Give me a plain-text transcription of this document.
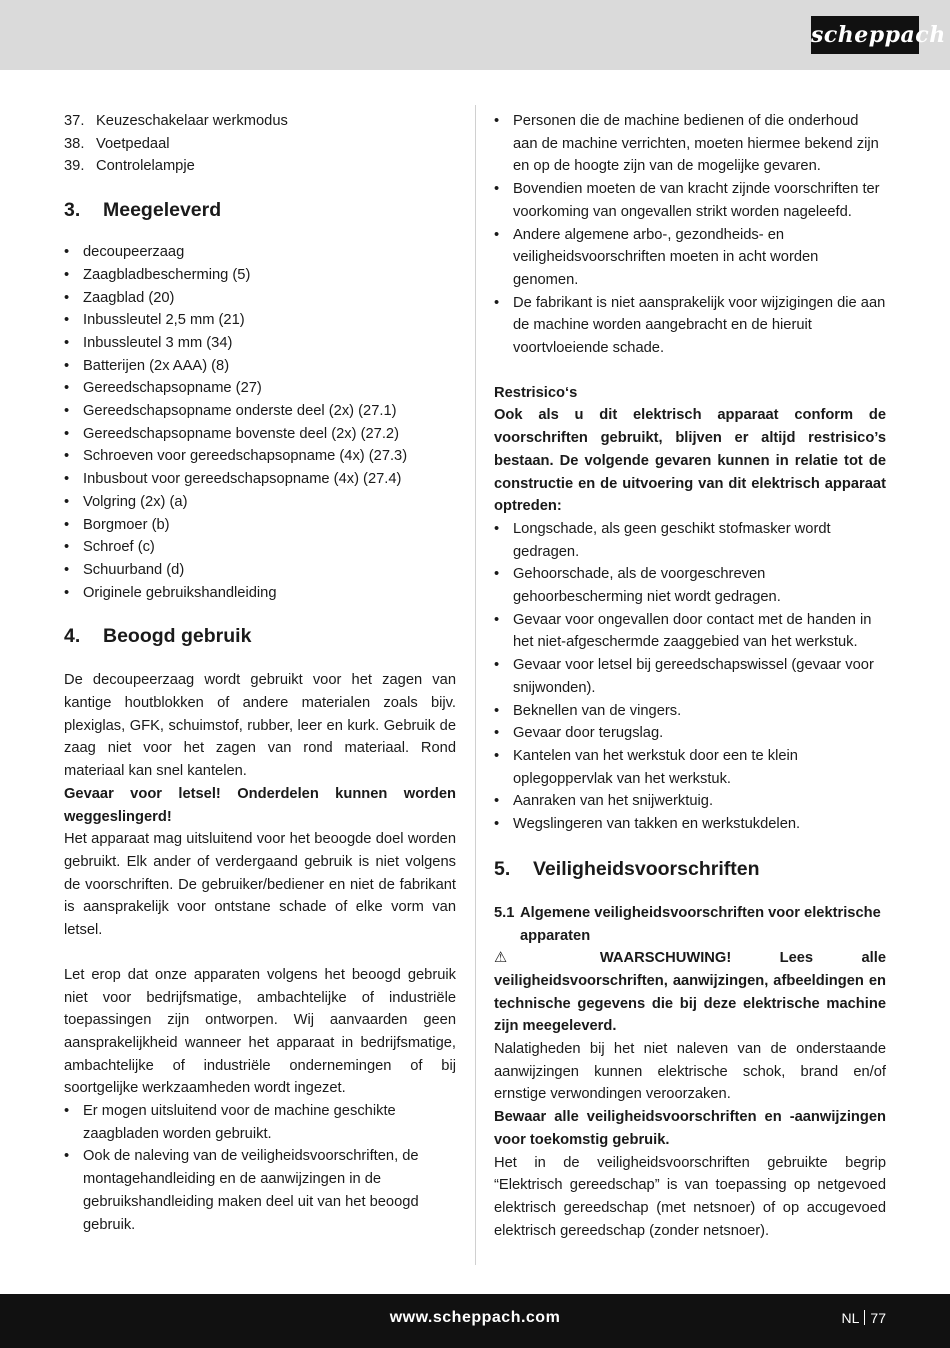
scheppach
37. Keuzeschakelaar werkmodus
38. Voetpedaal
39. Controlelampje
3.	Meegeleverd
• decoupeerzaag
• Zaagbladbescherming (5)
• Zaagblad (20)
• Inbussleutel 2,5 mm (21)
• Inbussleutel 3 mm (34)
• Batterijen (2x AAA) (8)
• Gereedschapsopname (27)
• Gereedschapsopname onderste deel (2x) (27.1)
• Gereedschapsopname bovenste deel (2x) (27.2)
• Schroeven voor gereedschapsopname (4x) (27.3)
• Inbusbout voor gereedschapsopname (4x) (27.4)
• Volgring (2x) (a)
• Borgmoer (b)
• Schroef (c)
• Schuurband (d)
• Originele gebruikshandleiding
4.	Beoogd gebruik

De decoupeerzaag wordt gebruikt voor het zagen van kantige houtblokken of andere materialen zoals bijv. plexiglas, GFK, schuimstof, rubber, leer en kurk. Gebruik de zaag niet voor het zagen van rond materiaal. Rond materiaal kan snel kantelen.

Gevaar voor letsel! Onderdelen kunnen worden weggeslingerd!

Het apparaat mag uitsluitend voor het beoogde doel worden gebruikt. Elk ander of verdergaand gebruik is niet volgens de voorschriften. De gebruiker/bediener en niet de fabrikant is aansprakelijk voor ontstane schade of elke vorm van letsel.

Let erop dat onze apparaten volgens het beoogd gebruik niet voor bedrijfsmatige, ambachtelijke of industriële toepassingen zijn ontworpen. Wij aanvaarden geen aansprakelijkheid wanneer het apparaat in bedrijfsmatige, ambachtelijke of industriële ondernemingen of bij soortgelijke werkzaamheden wordt ingezet.

• Er mogen uitsluitend voor de machine geschikte zaagbladen worden gebruikt.
• Ook de naleving van de veiligheidsvoorschriften, de montagehandleiding en de aanwijzingen in de gebruikshandleiding maken deel uit van het beoogd gebruik.
• Personen die de machine bedienen of die onderhoud aan de machine verrichten, moeten hiermee bekend zijn en op de hoogte zijn van de mogelijke gevaren.
• Bovendien moeten de van kracht zijnde voorschriften ter voorkoming van ongevallen strikt worden nageleefd.
• Andere algemene arbo-, gezondheids- en veiligheidsvoorschriften moeten in acht worden genomen.
• De fabrikant is niet aansprakelijk voor wijzigingen die aan de machine worden aangebracht en de hieruit voortvloeiende schade.

Restrisico‘s

Ook als u dit elektrisch apparaat conform de voorschriften gebruikt, blijven er altijd restrisico’s bestaan. De volgende gevaren kunnen in relatie tot de constructie en de uitvoering van dit elektrisch apparaat optreden:

• Longschade, als geen geschikt stofmasker wordt gedragen.
• Gehoorschade, als de voorgeschreven gehoorbescherming niet wordt gedragen.
• Gevaar voor ongevallen door contact met de handen in het niet-afgeschermde zaaggebied van het werkstuk.
• Gevaar voor letsel bij gereedschapswissel (gevaar voor snijwonden).
• Beknellen van de vingers.
• Gevaar door terugslag.
• Kantelen van het werkstuk door een te klein oplegoppervlak van het werkstuk.
• Aanraken van het snijwerktuig.
• Wegslingeren van takken en werkstukdelen.
5.	Veiligheidsvoorschriften
5.1 Algemene veiligheidsvoorschriften voor elektrische apparaten

⚠	WAARSCHUWING! Lees alle veiligheidsvoorschriften, aanwijzingen, afbeeldingen en technische gegevens die bij deze elektrische machine zijn meegeleverd.

Nalatigheden bij het niet naleven van de onderstaande aanwijzingen kunnen elektrische schok, brand en/of ernstige verwondingen veroorzaken.

Bewaar alle veiligheidsvoorschriften en -aanwijzingen voor toekomstig gebruik.

Het in de veiligheidsvoorschriften gebruikte begrip “Elektrisch gereedschap” is van toepassing op netgevoed elektrisch gereedschap (met netsnoer) of op accugevoed elektrisch gereedschap (zonder netsnoer).

www.scheppach.com	NL 77
